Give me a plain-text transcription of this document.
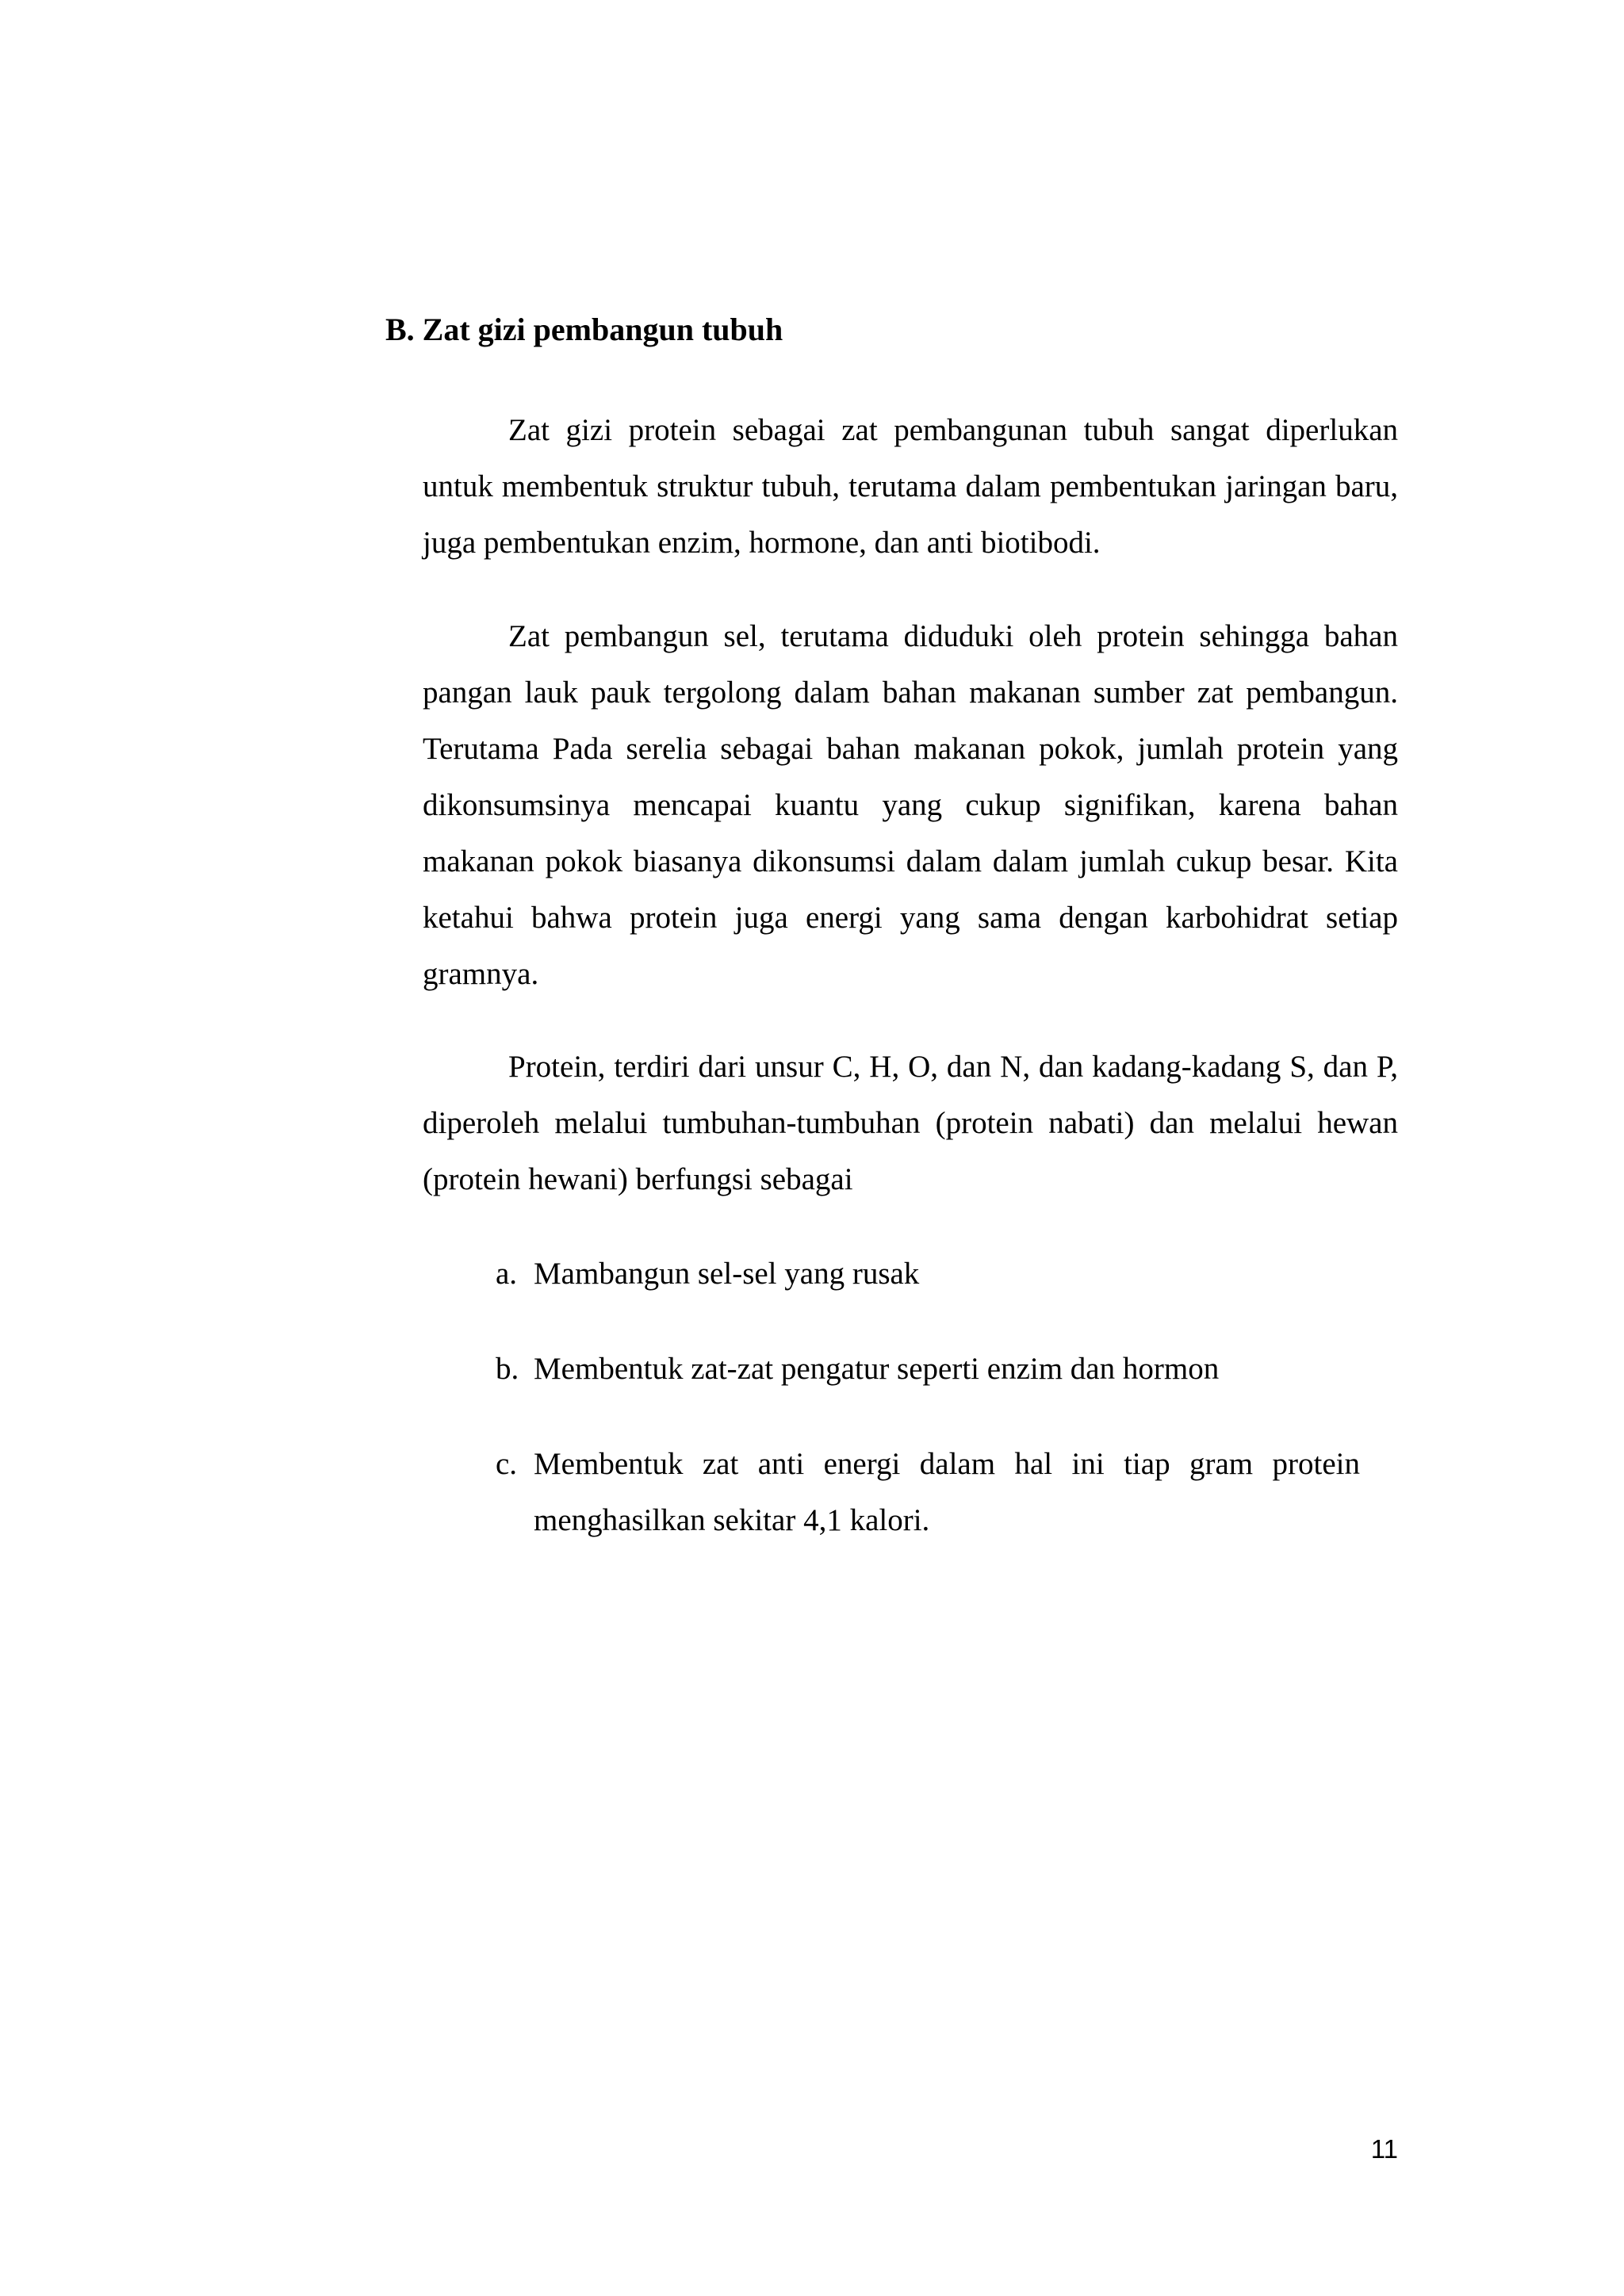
B. Zat gizi pembangun tubuh

Zat gizi protein sebagai zat pembangunan tubuh sangat diperlukan untuk membentuk struktur tubuh, terutama dalam pembentukan jaringan baru, juga pembentukan enzim, hormone, dan anti biotibodi.

Zat pembangun sel, terutama diduduki oleh protein sehingga bahan pangan lauk pauk tergolong dalam bahan makanan sumber zat pembangun. Terutama Pada serelia sebagai bahan makanan pokok, jumlah protein yang dikonsumsinya mencapai kuantu yang cukup signifikan, karena bahan makanan pokok biasanya dikonsumsi dalam dalam jumlah cukup besar. Kita ketahui bahwa protein juga energi yang sama dengan karbohidrat setiap gramnya.

Protein, terdiri dari unsur C, H, O, dan N, dan kadang-kadang S, dan P, diperoleh melalui tumbuhan-tumbuhan (protein nabati) dan melalui hewan (protein hewani) berfungsi sebagai

a. Mambangun sel-sel yang rusak
b. Membentuk zat-zat pengatur seperti enzim dan hormon
c. Membentuk zat anti energi dalam hal ini tiap gram protein menghasilkan sekitar 4,1 kalori.
11
